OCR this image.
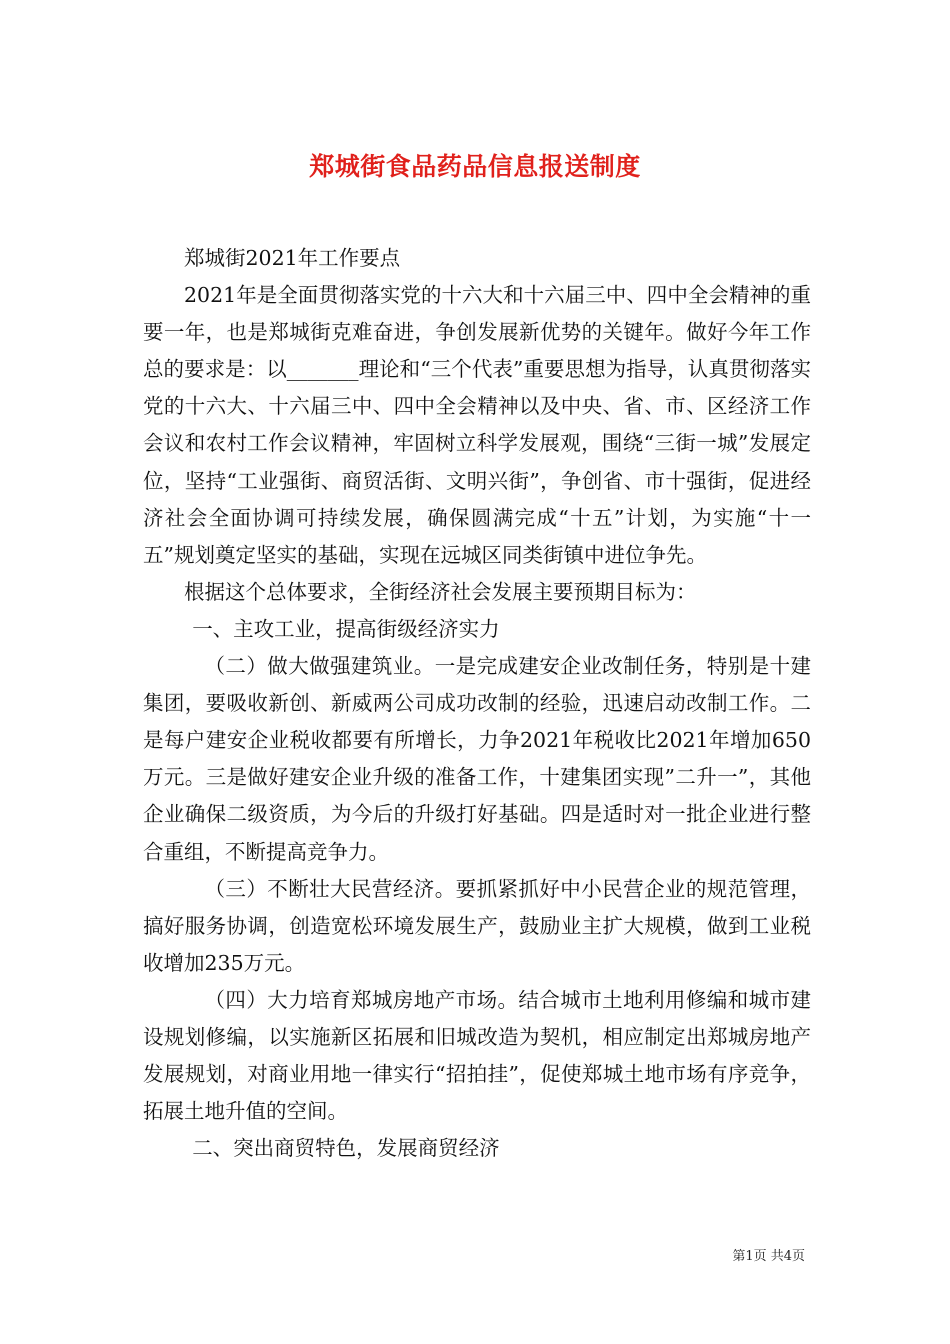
郑城街食品药品信息报送制度

郑城街2021年工作要点

2021年是全面贯彻落实党的十六大和十六届三中、四中全会精神的重要一年，也是郑城街克难奋进，争创发展新优势的关键年。做好今年工作总的要求是：以_______理论和“三个代表”重要思想为指导，认真贯彻落实党的十六大、十六届三中、四中全会精神以及中央、省、市、区经济工作会议和农村工作会议精神，牢固树立科学发展观，围绕“三街一城”发展定位，坚持“工业强街、商贸活街、文明兴街”，争创省、市十强街，促进经济社会全面协调可持续发展，确保圆满完成“十五”计划，为实施“十一五”规划奠定坚实的基础，实现在远城区同类街镇中进位争先。

根据这个总体要求，全街经济社会发展主要预期目标为：

一、主攻工业，提高街级经济实力

（二）做大做强建筑业。一是完成建安企业改制任务，特别是十建集团，要吸收新创、新威两公司成功改制的经验，迅速启动改制工作。二是每户建安企业税收都要有所增长，力争2021年税收比2021年增加650万元。三是做好建安企业升级的准备工作，十建集团实现”二升一”，其他企业确保二级资质，为今后的升级打好基础。四是适时对一批企业进行整合重组，不断提高竞争力。

（三）不断壮大民营经济。要抓紧抓好中小民营企业的规范管理，搞好服务协调，创造宽松环境发展生产，鼓励业主扩大规模，做到工业税收增加235万元。

（四）大力培育郑城房地产市场。结合城市土地利用修编和城市建设规划修编，以实施新区拓展和旧城改造为契机，相应制定出郑城房地产发展规划，对商业用地一律实行“招拍挂”，促使郑城土地市场有序竞争，拓展土地升值的空间。

二、突出商贸特色，发展商贸经济

第1页 共4页
